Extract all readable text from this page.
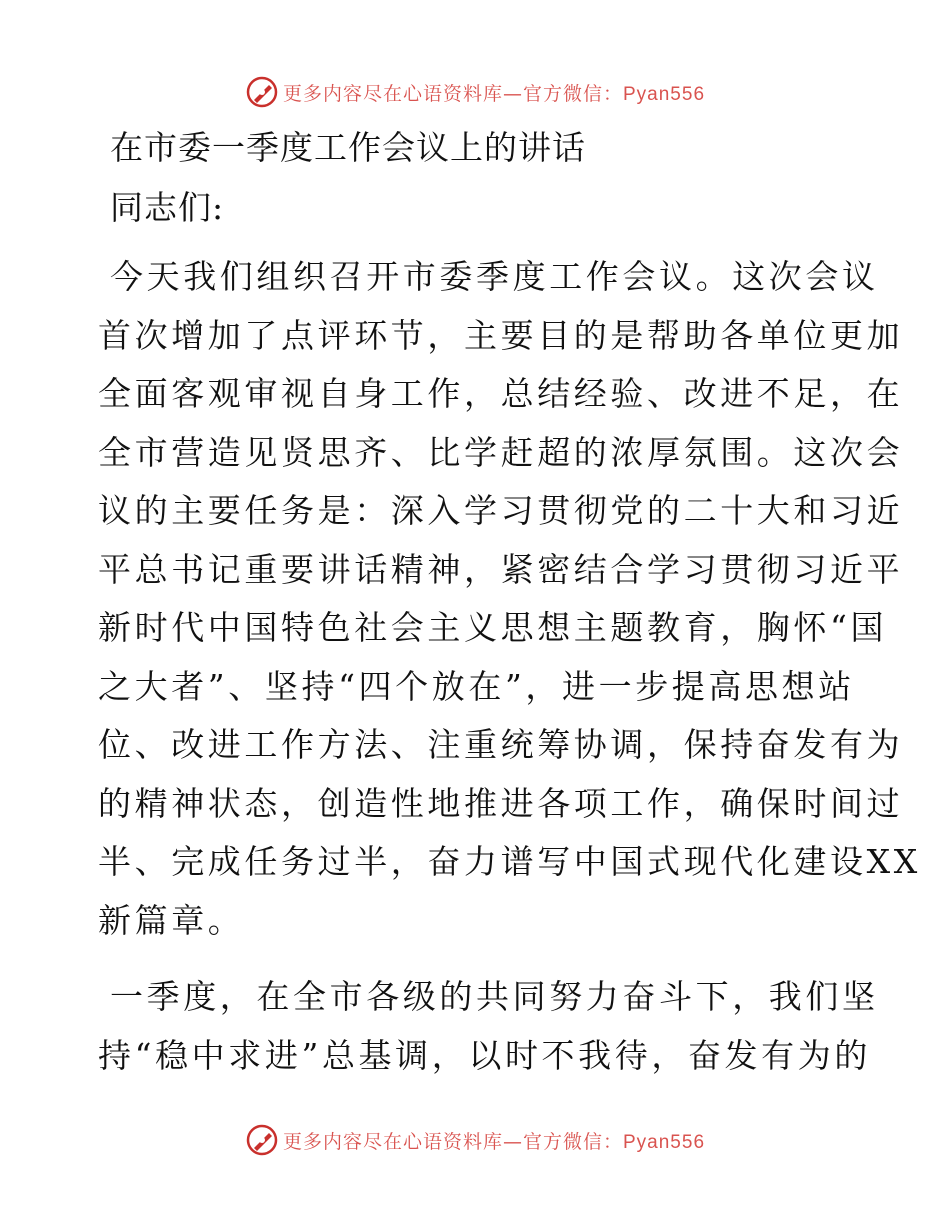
更多内容尽在心语资料库—官方微信：Pyan556
在市委一季度工作会议上的讲话
同志们:
今天我们组织召开市委季度工作会议。这次会议
首次增加了点评环节，主要目的是帮助各单位更加
全面客观审视自身工作，总结经验、改进不足，在
全市营造见贤思齐、比学赶超的浓厚氛围。这次会
议的主要任务是：深入学习贯彻党的二十大和习近
平总书记重要讲话精神，紧密结合学习贯彻习近平
新时代中国特色社会主义思想主题教育，胸怀“国
之大者”、坚持“四个放在”，进一步提高思想站
位、改进工作方法、注重统筹协调，保持奋发有为
的精神状态，创造性地推进各项工作，确保时间过
半、完成任务过半，奋力谱写中国式现代化建设XX
新篇章。
一季度，在全市各级的共同努力奋斗下，我们坚
持“稳中求进”总基调，以时不我待，奋发有为的
更多内容尽在心语资料库—官方微信：Pyan556
